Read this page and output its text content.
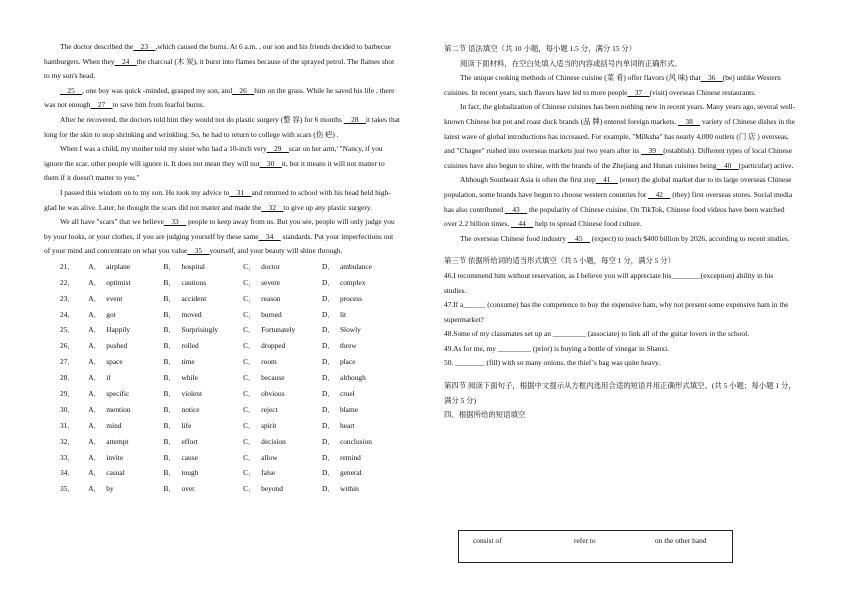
The doctor described the    23    ,which caused the burns. At 6 a.m. , our son and his friends decided to barbecue hamburgers. When they    24    the charcoal (木 炭), it burst into flames because of the sprayed petrol. The flames shot to my son's head.

25    , one boy was quick -minded, grasped my son, and    26    him on the grass. While he saved his life , there was not enough    27    to save him from fearful burns.

After he recovered, the doctors told him they would not do plastic surgery (整 容) for 6 months     28    it takes that long for the skin to stop shrinking and wrinkling. So, he had to return to college with scars (伤 疤) .

When I was a child, my mother told my sister who had a 10-inch very    29    scar on her arm,' "Nancy, if you ignore the scar, other people will ignore it. It does not mean they will not    30    it, but it means it will not matter to them if it doesn't matter to you."

I passed this wisdom on to my son. He took my advice to    31    and returned to school with his head held high- glad he was alive. Later, he thought the scars did not matter and made the    32    to give up any plastic surgery.

We all have "scars" that we believe    33     people to keep away from us. But you see, people will only judge you by your looks, or your clothes, if you are judging yourself by these same    34     standards. Put your imperfections out of your mind and concentrate on what you value    35    yourself, and your beauty will shine through.

21．	A． airplane	B． hospital	C． doctor	D． ambulance
22．	A． optimist	B． cautious	C． severe	D． complex
23．	A． event	B． accident	C． reason	D． process
24．	A． got	B． moved	C． burned	D． lit
25．	A． Happily	B． Surprisingly	C． Fortunately	D． Slowly
26．	A． pushed	B． rolled	C． dropped	D． threw
27．	A． space	B． time	C． room	D． place
28．	A． if	B． while	C． because	D． although
29．	A． specific	B． violent	C． obvious	D． cruel
30．	A． mention	B． notice	C． reject	D． blame
31．	A． mind	B． life	C． spirit	D． heart
32．	A． attempt	B． effort	C． decision	D． conclusion
33．	A． invite	B． cause	C． allow	D． remind
34．	A． casual	B． tough	C． false	D． general
35．	A． by	B． over	C． beyond	D． within

第二节 语法填空（共 10 小题，每小题 1.5 分，满分 15 分）

阅读下面材料，在空白处填入适当的内容或括号内单词的正确形式。

The unique cooking methods of Chinese cuisine (菜 肴) offer flavors (风 味) that    36    (be) unlike Western cuisines. In recent years, such flavors have led to more people    37    (visit) overseas Chinese restaurants.

In fact, the globalization of Chinese cuisines has been nothing new in recent years. Many years ago, several well-known Chinese hot pot and roast duck brands (品 牌) entered foreign markets.     38     variety of Chinese dishes in the latest wave of global introductions has increased. For example, "Milksha" has nearly 4,000 outlets (门 店 ) overseas, and "Chagee" rushed into overseas markets just two years after its     39    (establish). Different types of local Chinese cuisines have also begun to shine, with the brands of the Zhejiang and Hunan cuisines being    40    (particular) active.

Although Southeast Asia is often the first step    41     (enter) the global market due to its large overseas Chinese population, some brands have begun to choose western countries for     42     (they) first overseas stores. Social media has also contributed     43     the popularity of Chinese cuisine. On TikTok, Chinese food videos have been watched over 2.2 billion times,     44     help to spread Chinese food culture.

The overseas Chinese food industry     45     (expect) to reach $400 billion by 2026, according to recent studies.

第三节 依据所给词的适当形式填空（共 5 小题，每空 1 分，满分 5 分）

46.I recommend him without reservation, as I believe you will appreciate his________(exception) ability in his studies.

47.If a______ (consume) has the competence to buy the expensive ham, why not present some expensive ham in the supermarket?

48.Some of my classmates set up an _________ (associate) to link all of the guitar lovers in the school.

49.As for me, my _________ (prior) is buying a bottle of vinegar in Shanxi.

50. ________ (fill) with so many onions, the thief’s bag was quite heavy.

第四节 阅读下面句子，根据中文提示从方框内选用合适的短语并用正确形式填空。(共 5 小题；每小题 1 分，满分 5 分)

四、根据所给的短语填空

consist of	refer to	on the other hand
